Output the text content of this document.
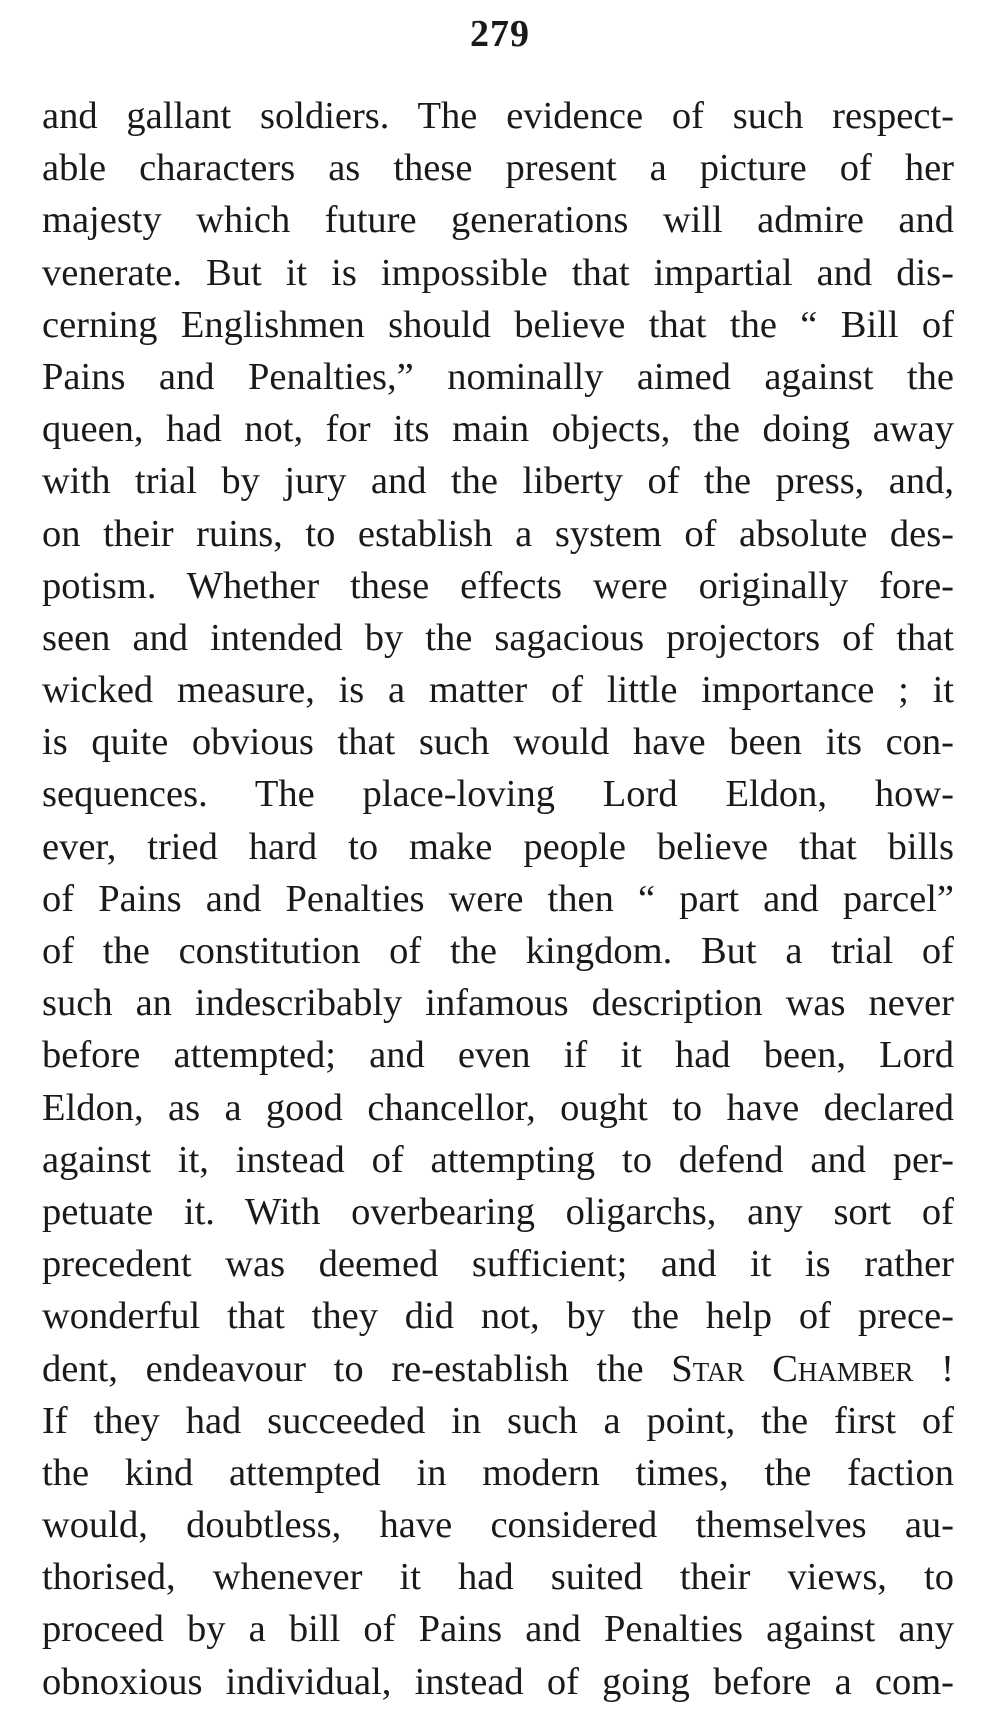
279
and gallant soldiers. The evidence of such respect-
able characters as these present a picture of her
majesty which future generations will admire and
venerate. But it is impossible that impartial and dis-
cerning Englishmen should believe that the “ Bill of
Pains and Penalties,” nominally aimed against the
queen, had not, for its main objects, the doing away
with trial by jury and the liberty of the press, and,
on their ruins, to establish a system of absolute des-
potism. Whether these effects were originally fore-
seen and intended by the sagacious projectors of that
wicked measure, is a matter of little importance ; it
is quite obvious that such would have been its con-
sequences. The place-loving Lord Eldon, how-
ever, tried hard to make people believe that bills
of Pains and Penalties were then “ part and parcel”
of the constitution of the kingdom. But a trial of
such an indescribably infamous description was never
before attempted; and even if it had been, Lord
Eldon, as a good chancellor, ought to have declared
against it, instead of attempting to defend and per-
petuate it. With overbearing oligarchs, any sort of
precedent was deemed sufficient; and it is rather
wonderful that they did not, by the help of prece-
dent, endeavour to re-establish the Star Chamber !
If they had succeeded in such a point, the first of
the kind attempted in modern times, the faction
would, doubtless, have considered themselves au-
thorised, whenever it had suited their views, to
proceed by a bill of Pains and Penalties against any
obnoxious individual, instead of going before a com-
